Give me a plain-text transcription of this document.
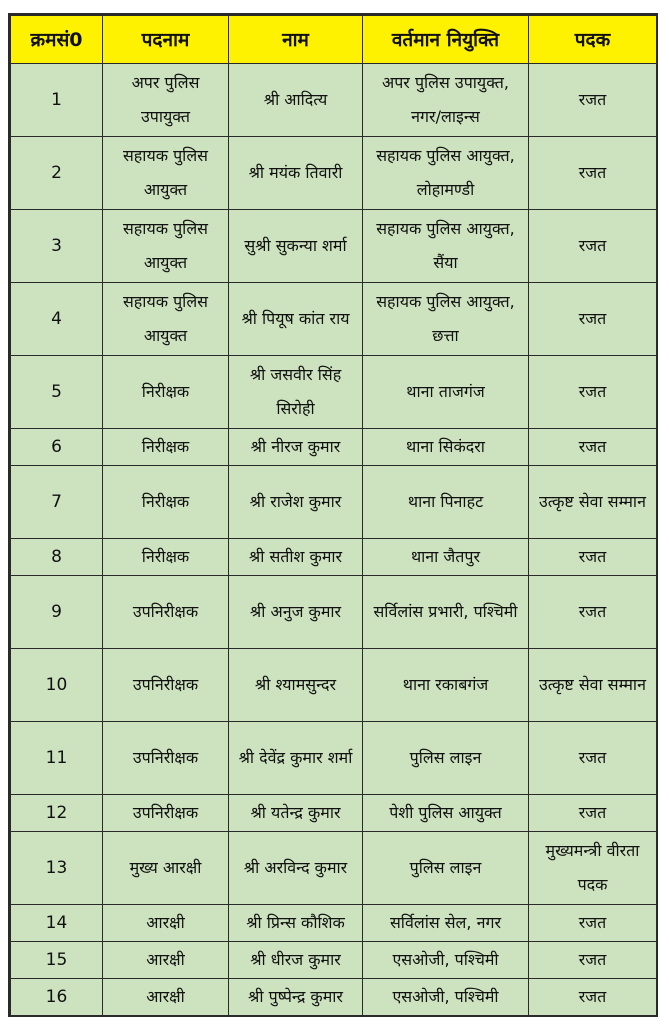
क्रमसं0	पदनाम	नाम	वर्तमान नियुक्ति	पदक
1	अपर पुलिस उपायुक्त	श्री आदित्य	अपर पुलिस उपायुक्त, नगर/लाइन्स	रजत
2	सहायक पुलिस आयुक्त	श्री मयंक तिवारी	सहायक पुलिस आयुक्त, लोहामण्डी	रजत
3	सहायक पुलिस आयुक्त	सुश्री सुकन्या शर्मा	सहायक पुलिस आयुक्त, सैंया	रजत
4	सहायक पुलिस आयुक्त	श्री पियूष कांत राय	सहायक पुलिस आयुक्त, छत्ता	रजत
5	निरीक्षक	श्री जसवीर सिंह सिरोही	थाना ताजगंज	रजत
6	निरीक्षक	श्री नीरज कुमार	थाना सिकंदरा	रजत
7	निरीक्षक	श्री राजेश कुमार	थाना पिनाहट	उत्कृष्ट सेवा सम्मान
8	निरीक्षक	श्री सतीश कुमार	थाना जैतपुर	रजत
9	उपनिरीक्षक	श्री अनुज कुमार	सर्विलांस प्रभारी, पश्चिमी	रजत
10	उपनिरीक्षक	श्री श्यामसुन्दर	थाना रकाबगंज	उत्कृष्ट सेवा सम्मान
11	उपनिरीक्षक	श्री देवेंद्र कुमार शर्मा	पुलिस लाइन	रजत
12	उपनिरीक्षक	श्री यतेन्द्र कुमार	पेशी पुलिस आयुक्त	रजत
13	मुख्य आरक्षी	श्री अरविन्द कुमार	पुलिस लाइन	मुख्यमन्त्री वीरता पदक
14	आरक्षी	श्री प्रिन्स कौशिक	सर्विलांस सेल, नगर	रजत
15	आरक्षी	श्री धीरज कुमार	एसओजी, पश्चिमी	रजत
16	आरक्षी	श्री पुष्पेन्द्र कुमार	एसओजी, पश्चिमी	रजत
